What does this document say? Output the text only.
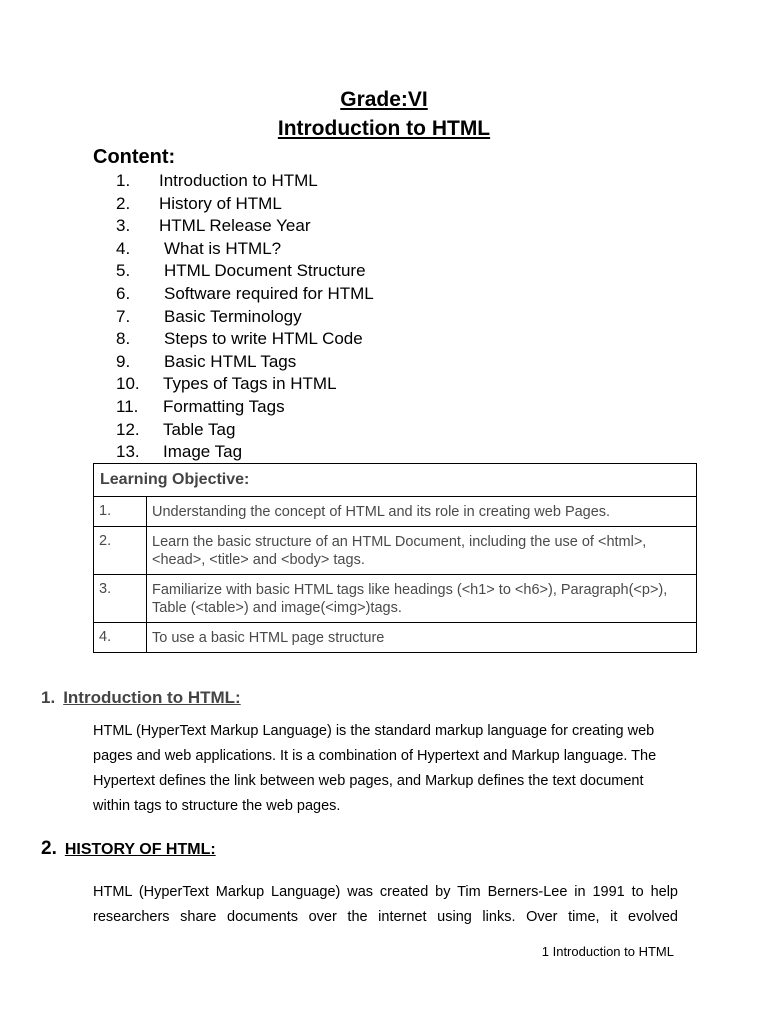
Grade:VI
Introduction to HTML
Content:
1.	Introduction to HTML
2.	History of HTML
3.	HTML Release Year
4.	What is HTML?
5.	HTML Document Structure
6.	Software required for HTML
7.	Basic Terminology
8.	Steps to write HTML Code
9.	Basic HTML Tags
10.	Types of Tags in HTML
11.	Formatting Tags
12.	Table Tag
13.	Image Tag
Learning Objective:	
1.	Understanding the concept of HTML and its role in creating web Pages.
2.	Learn the basic structure of an HTML Document, including the use of <html>,<head>, <title> and <body> tags.
3.	Familiarize with basic HTML tags like headings (<h1> to <h6>), Paragraph(<p>), Table (<table>) and image(<img>)tags.
4.	To use a basic HTML page structure
1. Introduction to HTML:
HTML (HyperText Markup Language) is the standard markup language for creating web pages and web applications. It is a combination of Hypertext and Markup language. The Hypertext defines the link between web pages, and Markup defines the text document within tags to structure the web pages.
2. HISTORY OF HTML:
HTML (HyperText Markup Language) was created by Tim Berners-Lee in 1991 to help researchers share documents over the internet using links. Over time, it evolved
1 Introduction to HTML
